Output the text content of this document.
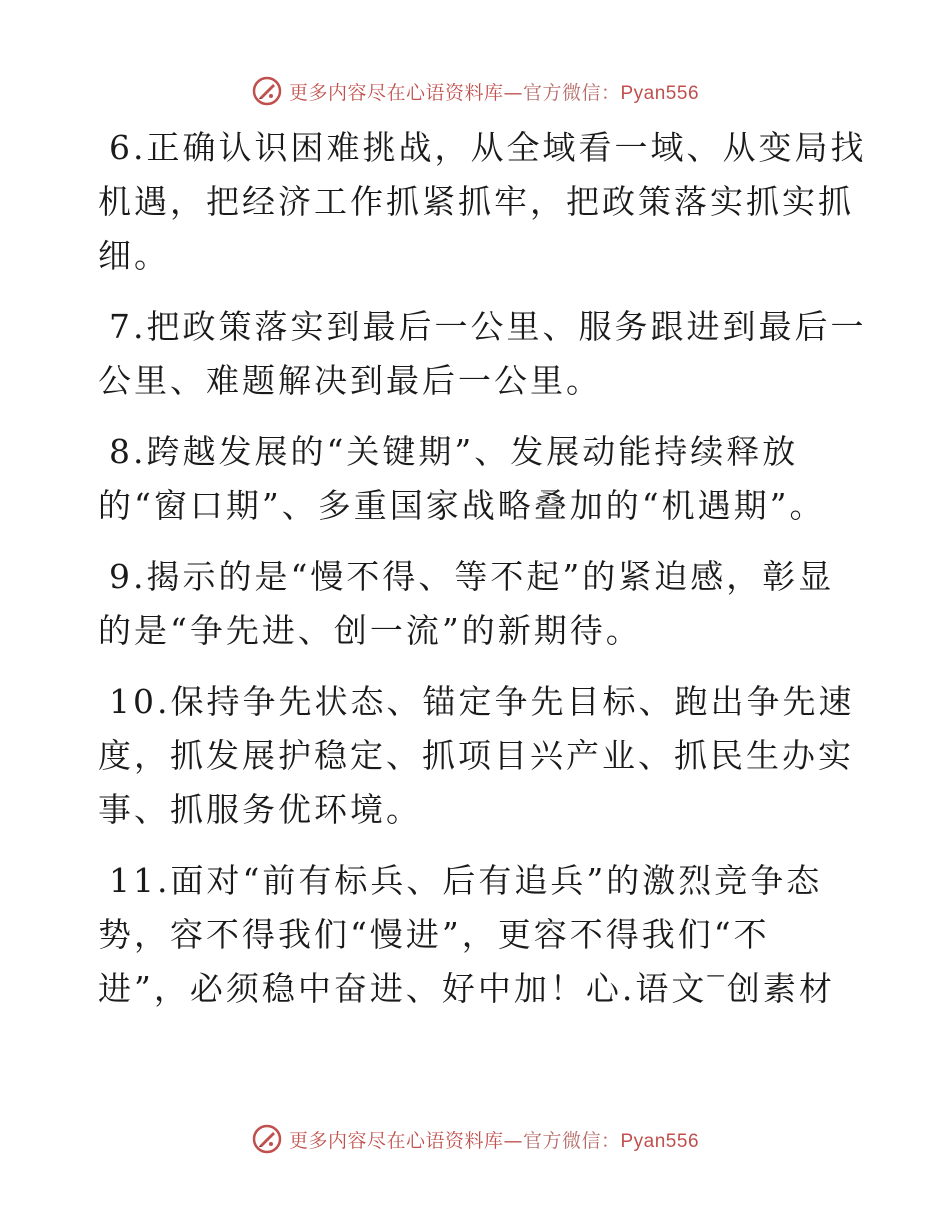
更多内容尽在心语资料库—官方微信：Pyan556
6.正确认识困难挑战，从全域看一域、从变局找
机遇，把经济工作抓紧抓牢，把政策落实抓实抓
细。
7.把政策落实到最后一公里、服务跟进到最后一
公里、难题解决到最后一公里。
8.跨越发展的“关键期”、发展动能持续释放
的“窗口期”、多重国家战略叠加的“机遇期”。
9.揭示的是“慢不得、等不起”的紧迫感，彰显
的是“争先进、创一流”的新期待。
10.保持争先状态、锚定争先目标、跑出争先速
度，抓发展护稳定、抓项目兴产业、抓民生办实
事、抓服务优环境。
11.面对“前有标兵、后有追兵”的激烈竞争态
势，容不得我们“慢进”，更容不得我们“不
进”，必须稳中奋进、好中加！心.语文‾创素材
更多内容尽在心语资料库—官方微信：Pyan556
